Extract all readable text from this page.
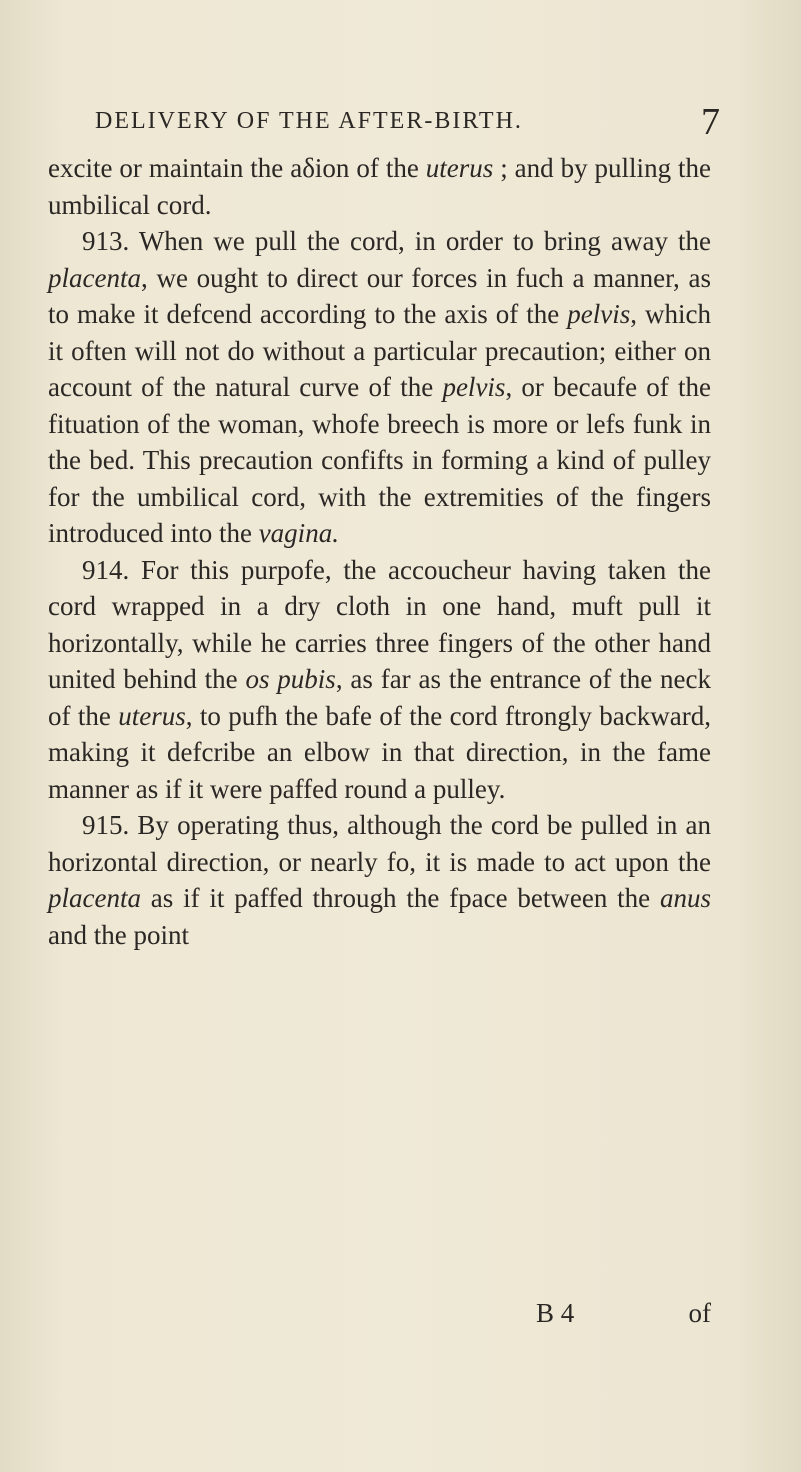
DELIVERY OF THE AFTER-BIRTH.	7

excite or maintain the aδion of the uterus ; and by pulling the umbilical cord.

913. When we pull the cord, in order to bring away the placenta, we ought to direct our forces in fuch a manner, as to make it defcend according to the axis of the pelvis, which it often will not do without a particular precaution; either on account of the natural curve of the pelvis, or becaufe of the fituation of the woman, whofe breech is more or lefs funk in the bed. This precaution confifts in forming a kind of pulley for the umbilical cord, with the extremities of the fingers introduced into the vagina.

914. For this purpofe, the accoucheur having taken the cord wrapped in a dry cloth in one hand, muft pull it horizontally, while he carries three fingers of the other hand united behind the os pubis, as far as the entrance of the neck of the uterus, to pufh the bafe of the cord ftrongly backward, making it defcribe an elbow in that direction, in the fame manner as if it were paffed round a pulley.

915. By operating thus, although the cord be pulled in an horizontal direction, or nearly fo, it is made to act upon the placenta as if it paffed through the fpace between the anus and the point

B 4	of
